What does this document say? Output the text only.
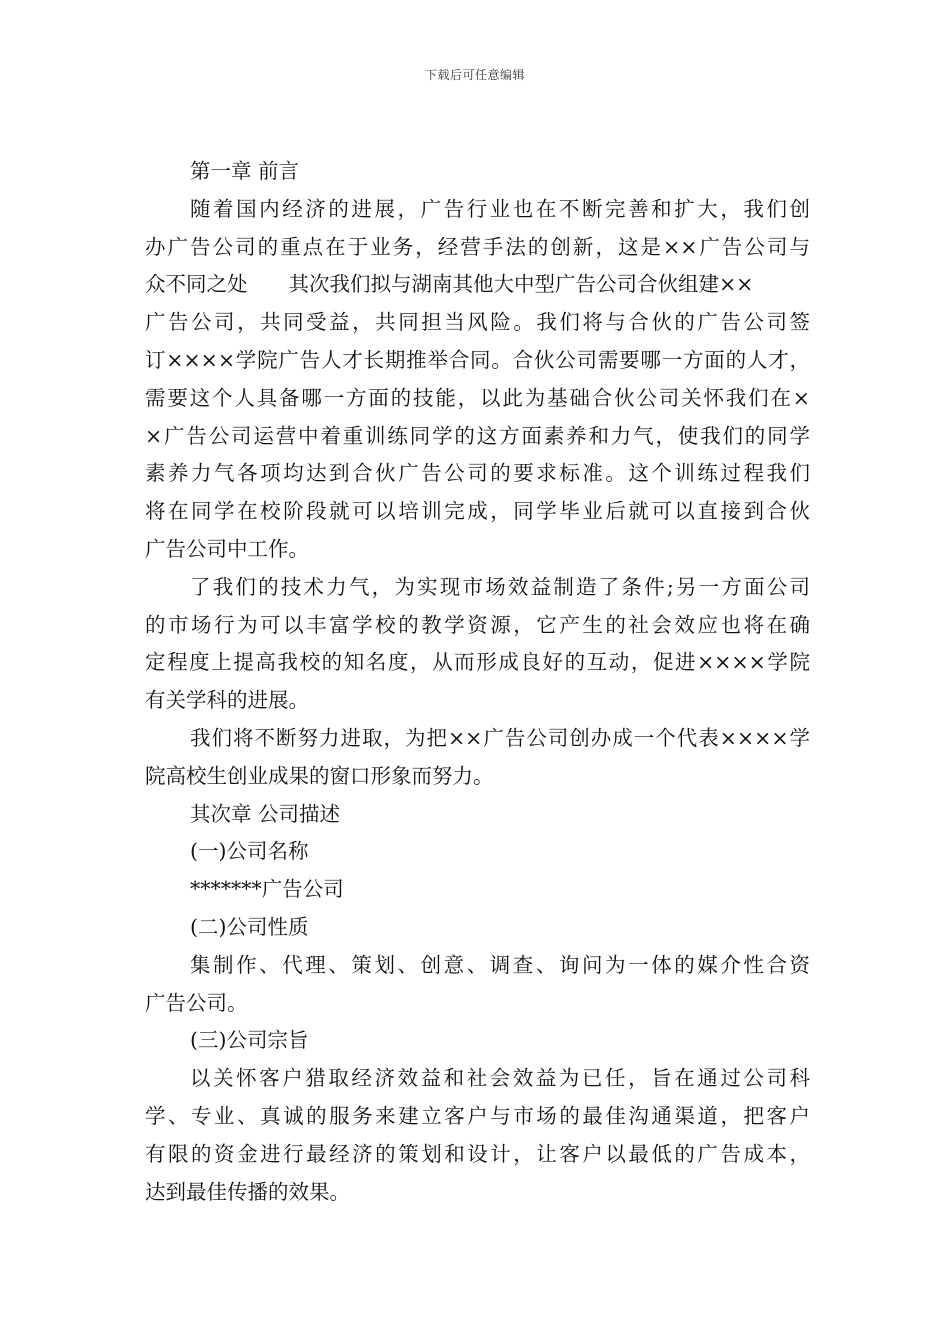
下载后可任意编辑
第一章 前言
随着国内经济的进展，广告行业也在不断完善和扩大，我们创
办广告公司的重点在于业务，经营手法的创新，这是××广告公司与
众不同之处　　其次我们拟与湖南其他大中型广告公司合伙组建××
广告公司，共同受益，共同担当风险。我们将与合伙的广告公司签
订××××学院广告人才长期推举合同。合伙公司需要哪一方面的人才，
需要这个人具备哪一方面的技能，以此为基础合伙公司关怀我们在×
×广告公司运营中着重训练同学的这方面素养和力气，使我们的同学
素养力气各项均达到合伙广告公司的要求标准。这个训练过程我们
将在同学在校阶段就可以培训完成，同学毕业后就可以直接到合伙
广告公司中工作。
了我们的技术力气，为实现市场效益制造了条件;另一方面公司
的市场行为可以丰富学校的教学资源，它产生的社会效应也将在确
定程度上提高我校的知名度，从而形成良好的互动，促进××××学院
有关学科的进展。
我们将不断努力进取，为把××广告公司创办成一个代表××××学
院高校生创业成果的窗口形象而努力。
其次章 公司描述
(一)公司名称
*******广告公司
(二)公司性质
集制作、代理、策划、创意、调查、询问为一体的媒介性合资
广告公司。
(三)公司宗旨
以关怀客户猎取经济效益和社会效益为已任，旨在通过公司科
学、专业、真诚的服务来建立客户与市场的最佳沟通渠道，把客户
有限的资金进行最经济的策划和设计，让客户以最低的广告成本，
达到最佳传播的效果。
